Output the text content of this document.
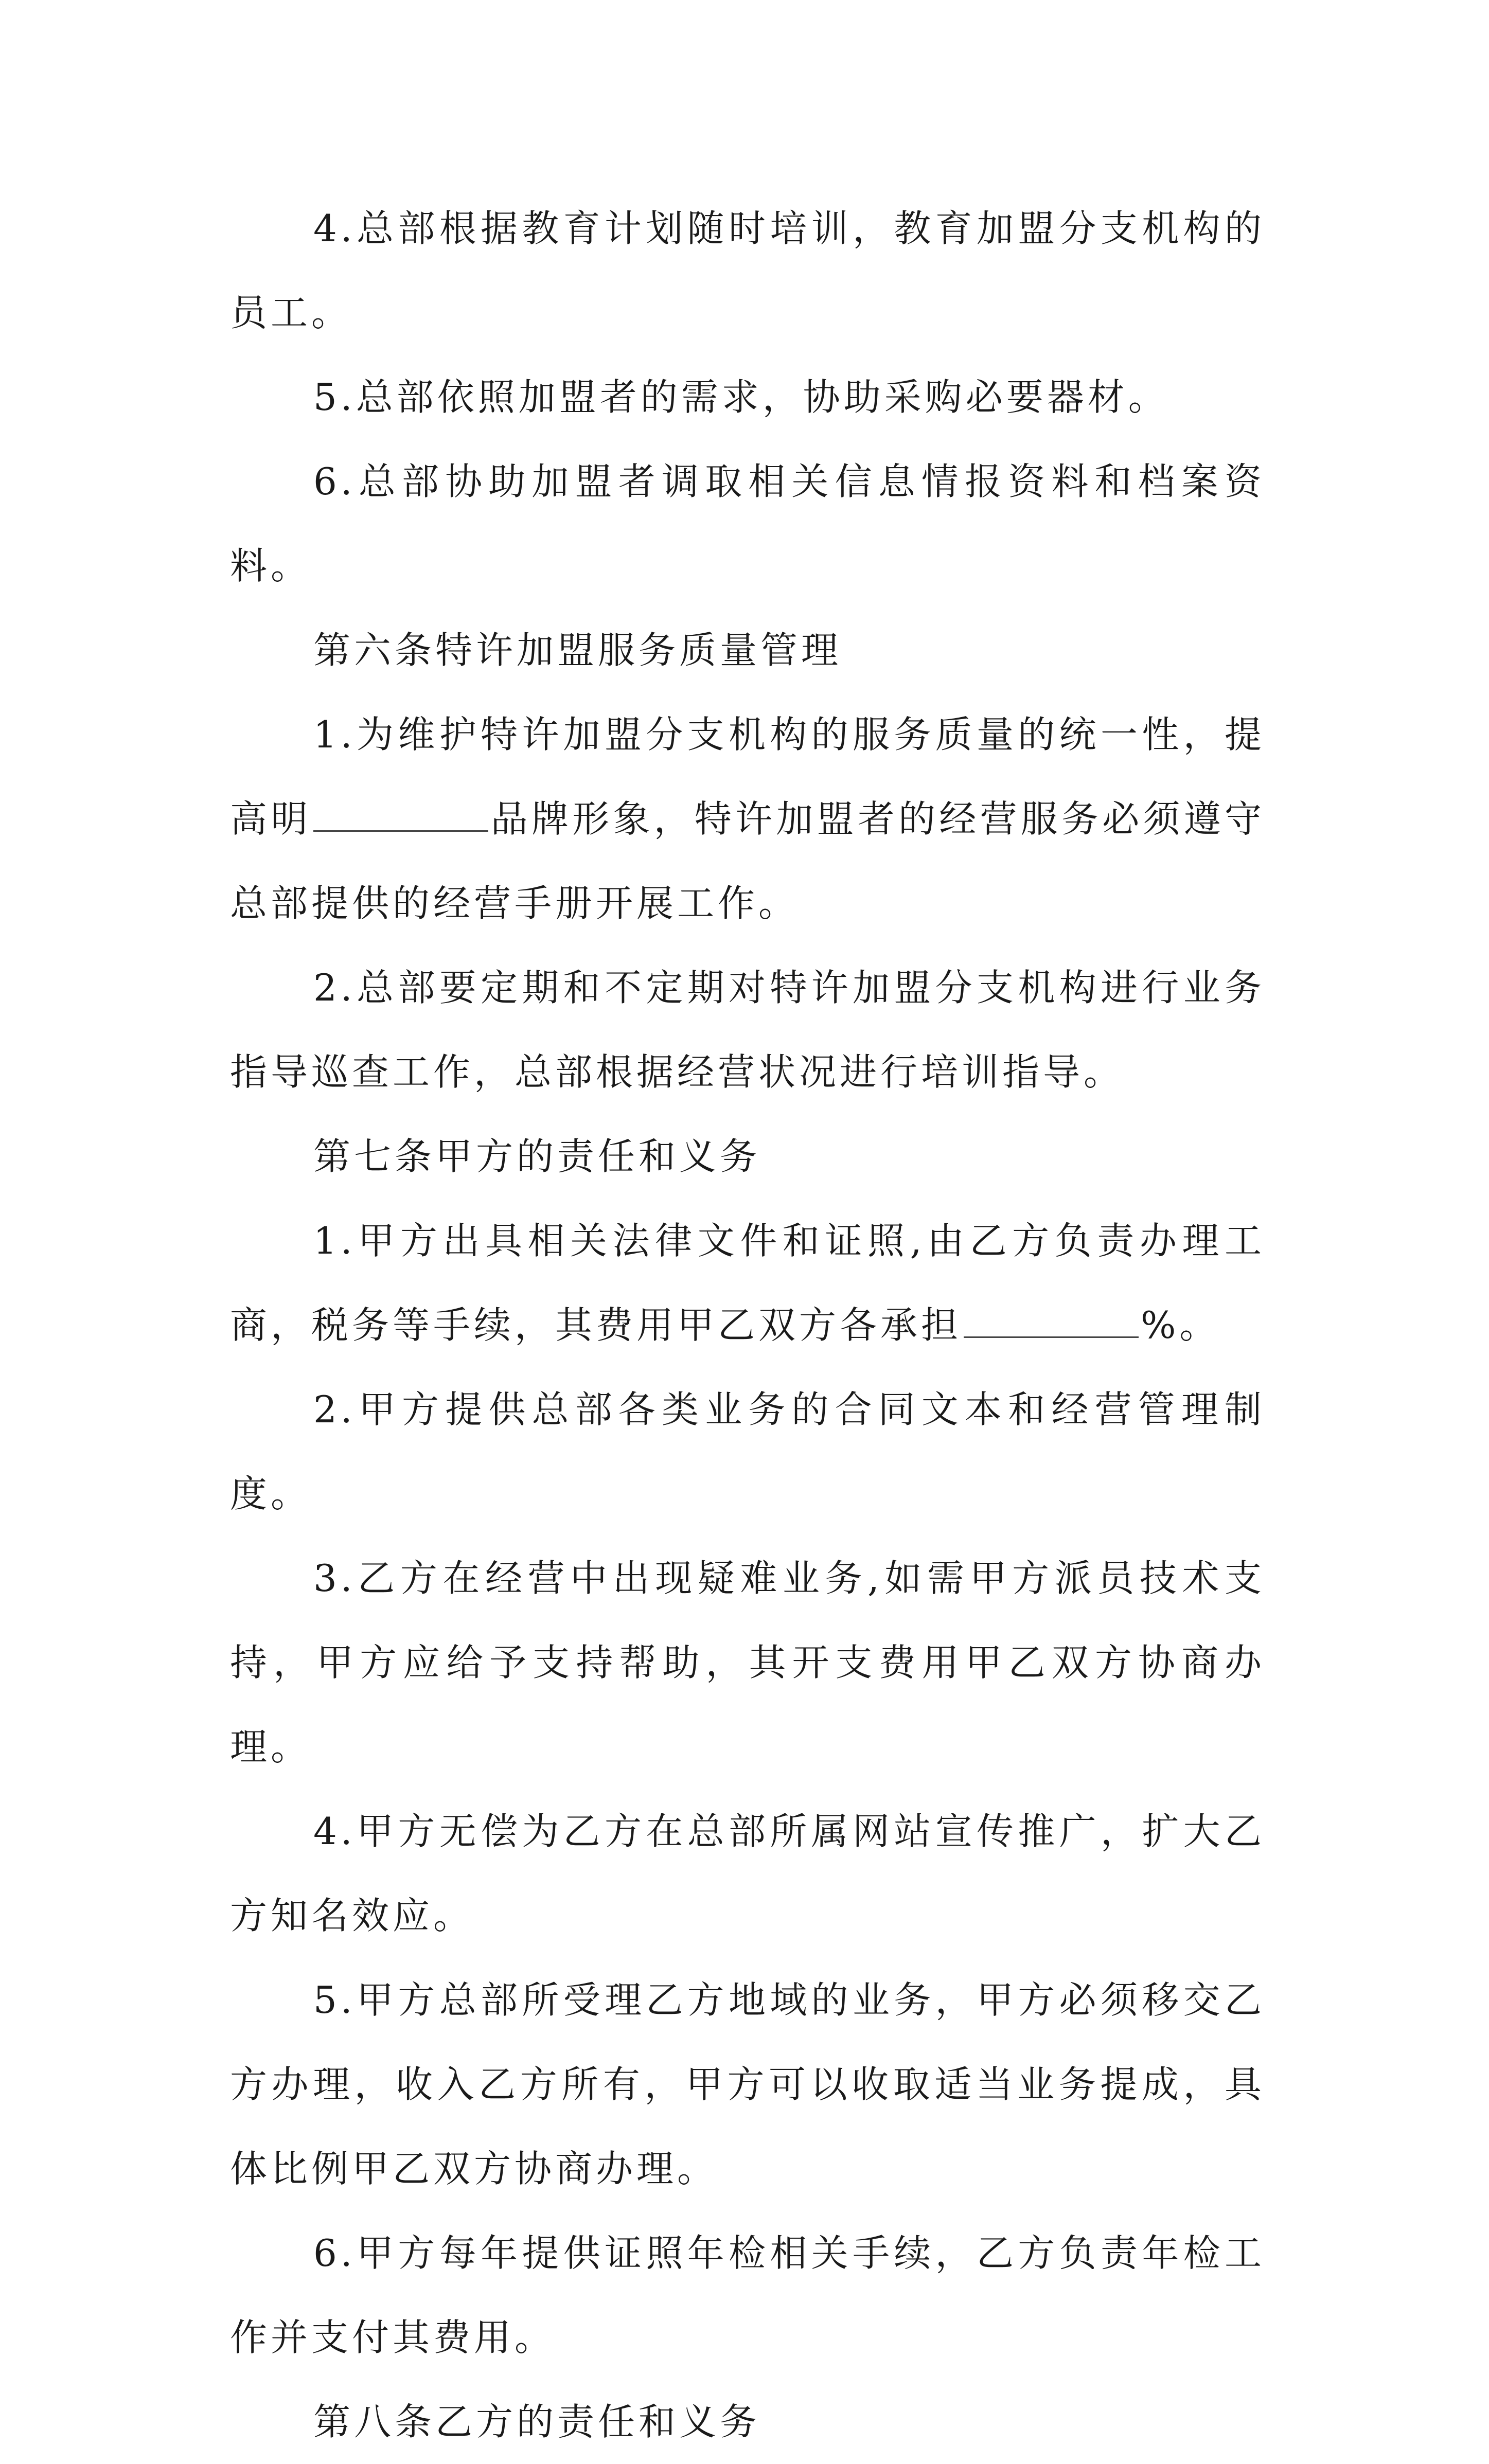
4.总部根据教育计划随时培训，教育加盟分支机构的员工。

5.总部依照加盟者的需求，协助采购必要器材。

6.总部协助加盟者调取相关信息情报资料和档案资料。

第六条特许加盟服务质量管理

1.为维护特许加盟分支机构的服务质量的统一性，提高明	品牌形象，特许加盟者的经营服务必须遵守总部提供的经营手册开展工作。

2.总部要定期和不定期对特许加盟分支机构进行业务指导巡查工作，总部根据经营状况进行培训指导。

第七条甲方的责任和义务

1.甲方出具相关法律文件和证照,由乙方负责办理工商，税务等手续，其费用甲乙双方各承担	%。

2.甲方提供总部各类业务的合同文本和经营管理制度。

3.乙方在经营中出现疑难业务,如需甲方派员技术支持，甲方应给予支持帮助，其开支费用甲乙双方协商办理。

4.甲方无偿为乙方在总部所属网站宣传推广，扩大乙方知名效应。

5.甲方总部所受理乙方地域的业务，甲方必须移交乙方办理，收入乙方所有，甲方可以收取适当业务提成，具体比例甲乙双方协商办理。

6.甲方每年提供证照年检相关手续，乙方负责年检工作并支付其费用。

第八条乙方的责任和义务
